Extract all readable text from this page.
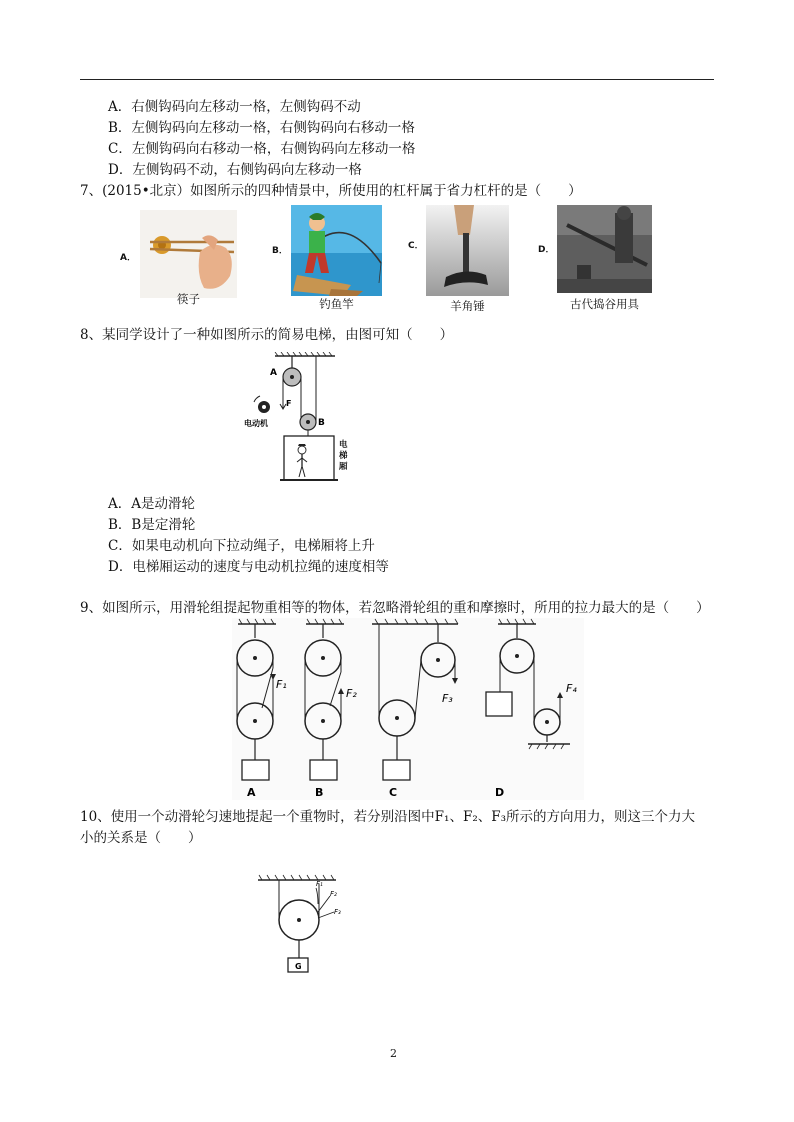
A．右侧钩码向左移动一格，左侧钩码不动
B．左侧钩码向左移动一格，右侧钩码向右移动一格
C．左侧钩码向右移动一格，右侧钩码向左移动一格
D．左侧钩码不动，右侧钩码向左移动一格
7、(2015•北京）如图所示的四种情景中，所使用的杠杆属于省力杠杆的是（　　）
A．
筷子
B．
钓鱼竿
C．
羊角锤
D．
古代捣谷用具
8、某同学设计了一种如图所示的简易电梯，由图可知（　　）
A
F
B
电动机
电梯厢
A．A是动滑轮
B．B是定滑轮
C．如果电动机向下拉动绳子，电梯厢将上升
D．电梯厢运动的速度与电动机拉绳的速度相等
9、如图所示，用滑轮组提起物重相等的物体，若忽略滑轮组的重和摩擦时，所用的拉力最大的是（　　）
F₁
A
F₂
B
F₃
C
F₄
D
10、使用一个动滑轮匀速地提起一个重物时，若分别沿图中F₁、F₂、F₃所示的方向用力，则这三个力大
小的关系是（　　）
F₁
F₂
F₃
G
2
